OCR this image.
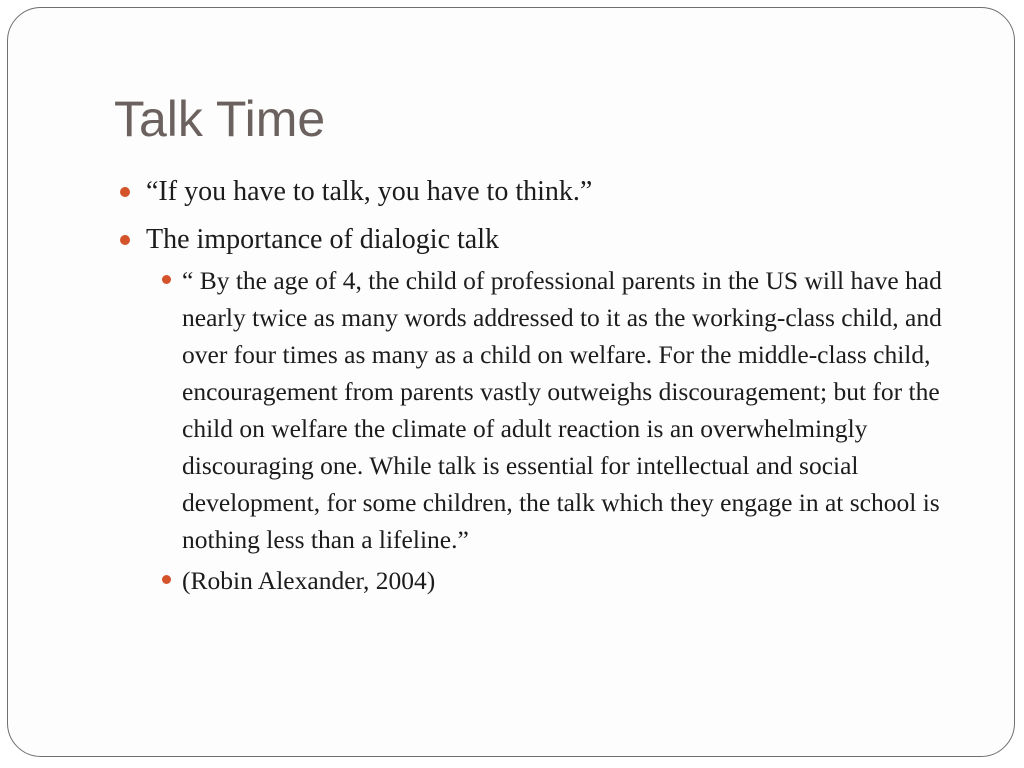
Talk Time
“If you have to talk, you have to think.”
The importance of dialogic talk
“ By the age of 4, the child of professional parents in the US will have had nearly twice as many words addressed to it as the working-class child, and over four times as many as a child on welfare. For the middle-class child, encouragement from parents vastly outweighs discouragement; but for the child on welfare the climate of adult reaction is an overwhelmingly discouraging one. While talk is essential for intellectual and social development, for some children, the talk which they engage in at school is nothing less than a lifeline.”
(Robin Alexander, 2004)
